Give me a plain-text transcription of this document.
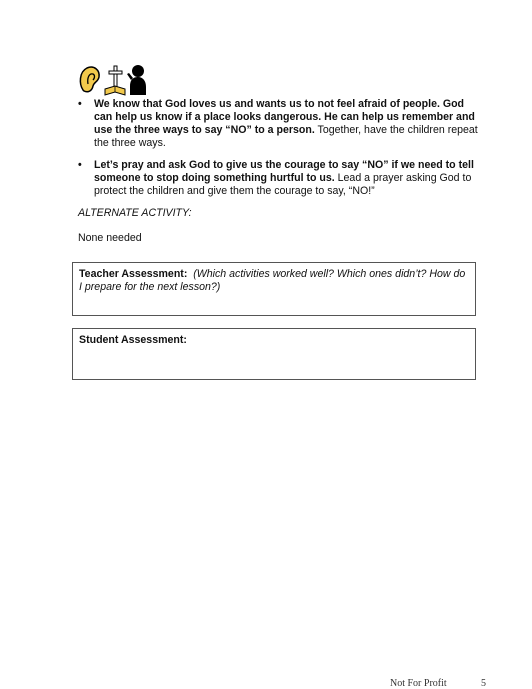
• We know that God loves us and wants us to not feel afraid of people. God can help us know if a place looks dangerous. He can help us remember and use the three ways to say “NO” to a person. Together, have the children repeat the three ways.
• Let’s pray and ask God to give us the courage to say “NO” if we need to tell someone to stop doing something hurtful to us. Lead a prayer asking God to protect the children and give them the courage to say, “NO!”
ALTERNATE ACTIVITY:
None needed
Teacher Assessment: (Which activities worked well? Which ones didn’t? How do I prepare for the next lesson?)
Student Assessment:
Not For Profit	5
